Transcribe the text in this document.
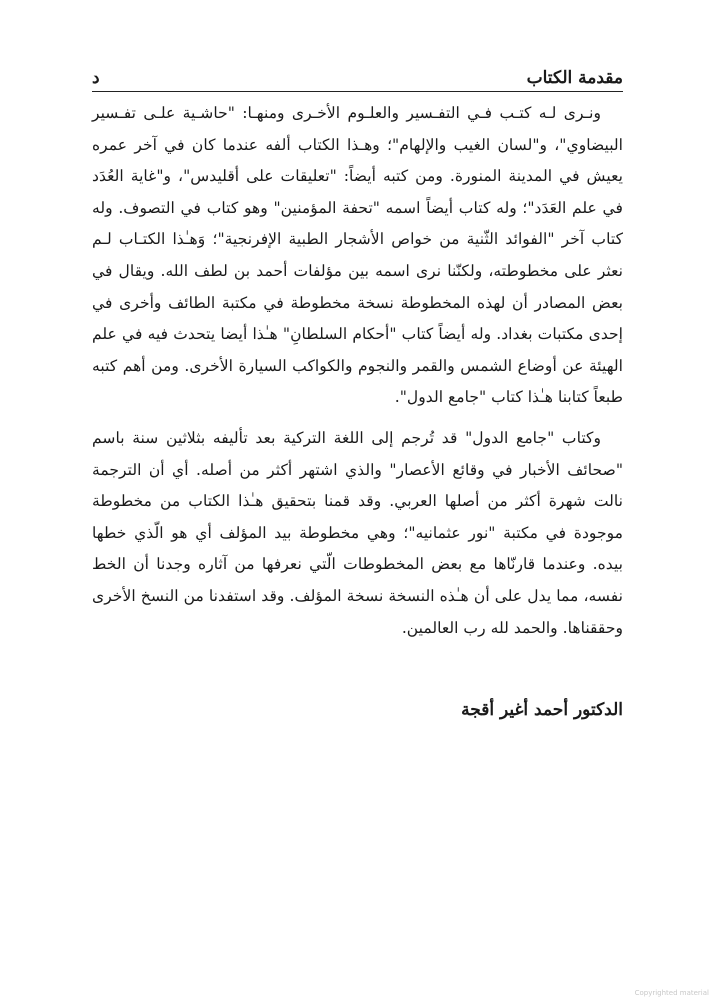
مقدمة الكتاب
د

ونـرى لـه كتـب فـي التفـسير والعلـوم الأخـرى ومنهـا: "حاشـية علـى تفـسير البيضاوي"، و"لسان الغيب والإلهام"؛ وهـذا الكتاب ألفه عندما كان في آخر عمره يعيش في المدينة المنورة. ومن كتبه أيضاً: "تعليقات على أقليدس"، و"غاية العُدَد في علم العَدَد"؛ وله كتاب أيضاً اسمه "تحفة المؤمنين" وهو كتاب في التصوف. وله كتاب آخر "الفوائد الثّنية من خواص الأشجار الطبية الإفرنجية"؛ وَهـٰذا الكتـاب لـم نعثر على مخطوطته، ولكنّنا نرى اسمه بين مؤلفات أحمد بن لطف الله. ويقال في بعض المصادر أن لهذه المخطوطة نسخة مخطوطة في مكتبة الطائف وأخرى في إحدى مكتبات بغداد. وله أيضاً كتاب "أحكام السلطانِ" هـٰذا أيضا يتحدث فيه في علم الهيئة عن أوضاع الشمس والقمر والنجوم والكواكب السيارة الأخرى. ومن أهم كتبه طبعاً كتابنا هـٰذا كتاب "جامع الدول".

وكتاب "جامع الدول" قد تُرجم إلى اللغة التركية بعد تأليفه بثلاثين سنة باسم "صحائف الأخبار في وقائع الأعصار" والذي اشتهر أكثر من أصله. أي أن الترجمة نالت شهرة أكثر من أصلها العربي. وقد قمنا بتحقيق هـٰذا الكتاب من مخطوطة موجودة في مكتبة "نور عثمانيه"؛ وهي مخطوطة بيد المؤلف أي هو الّذي خطها بيده. وعندما قارنّاها مع بعض المخطوطات الّتي نعرفها من آثاره وجدنا أن الخط نفسه، مما يدل على أن هـٰذه النسخة نسخة المؤلف. وقد استفدنا من النسخ الأخرى وحققناها. والحمد لله رب العالمين.

الدكتور أحمد أغير أقجة
Copyrighted material
